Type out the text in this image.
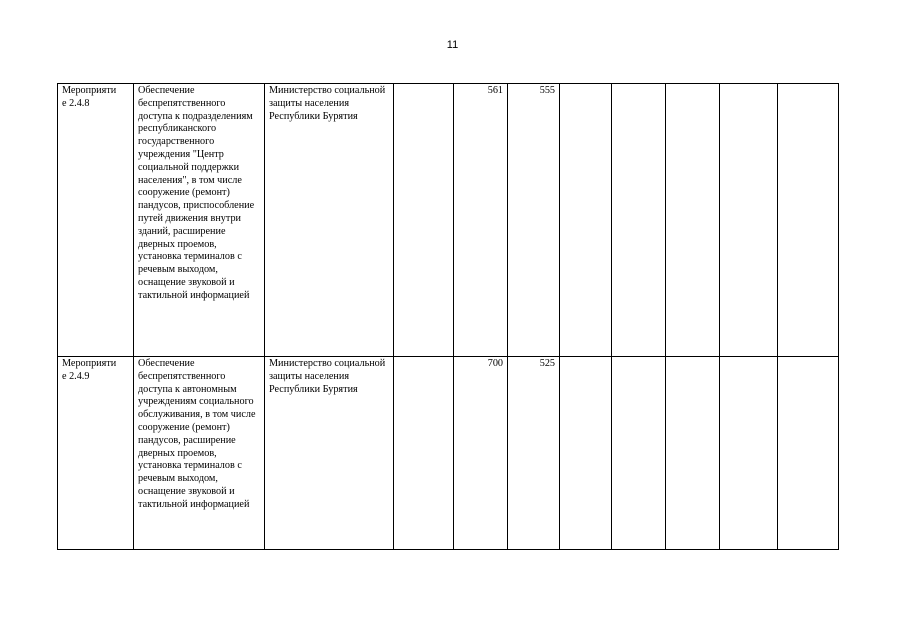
11
Мероприяти
е 2.4.8	Обеспечение беспрепятственного доступа к подразделениям республиканского государственного учреждения "Центр социальной поддержки населения", в том числе сооружение (ремонт) пандусов, приспособление путей движения внутри зданий, расширение дверных проемов, установка терминалов с речевым выходом, оснащение звуковой и тактильной информацией	Министерство социальной защиты населения Республики Бурятия		561	555					
Мероприяти
е 2.4.9	Обеспечение беспрепятственного доступа к автономным учреждениям социального обслуживания, в том числе сооружение (ремонт) пандусов, расширение дверных проемов, установка терминалов с речевым выходом, оснащение звуковой и тактильной информацией	Министерство социальной защиты населения Республики Бурятия		700	525					
